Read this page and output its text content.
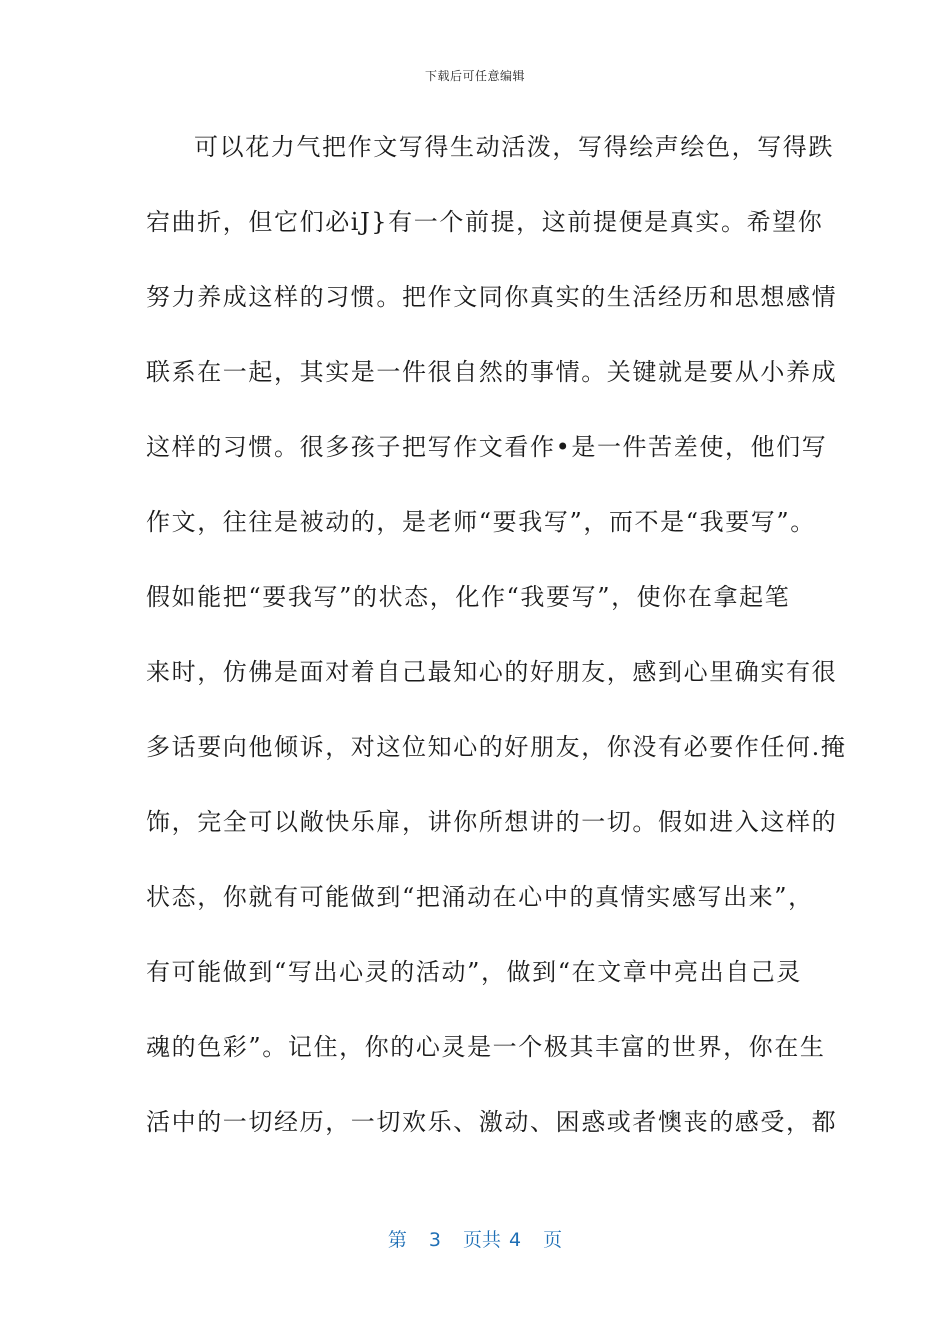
下载后可任意编辑
可以花力气把作文写得生动活泼，写得绘声绘色，写得跌
宕曲折，但它们必iJ}有一个前提，这前提便是真实。希望你
努力养成这样的习惯。把作文同你真实的生活经历和思想感情
联系在一起，其实是一件很自然的事情。关键就是要从小养成
这样的习惯。很多孩子把写作文看作•是一件苦差使，他们写
作文，往往是被动的，是老师“要我写”，而不是“我要写”。
假如能把“要我写”的状态，化作“我要写”，使你在拿起笔
来时，仿佛是面对着自己最知心的好朋友，感到心里确实有很
多话要向他倾诉，对这位知心的好朋友，你没有必要作任何.掩
饰，完全可以敞快乐扉，讲你所想讲的一切。假如进入这样的
状态，你就有可能做到“把涌动在心中的真情实感写出来”，
有可能做到“写出心灵的活动”，做到“在文章中亮出自己灵
魂的色彩”。记住，你的心灵是一个极其丰富的世界，你在生
活中的一切经历，一切欢乐、激动、困惑或者懊丧的感受，都
第 3 页共 4 页
